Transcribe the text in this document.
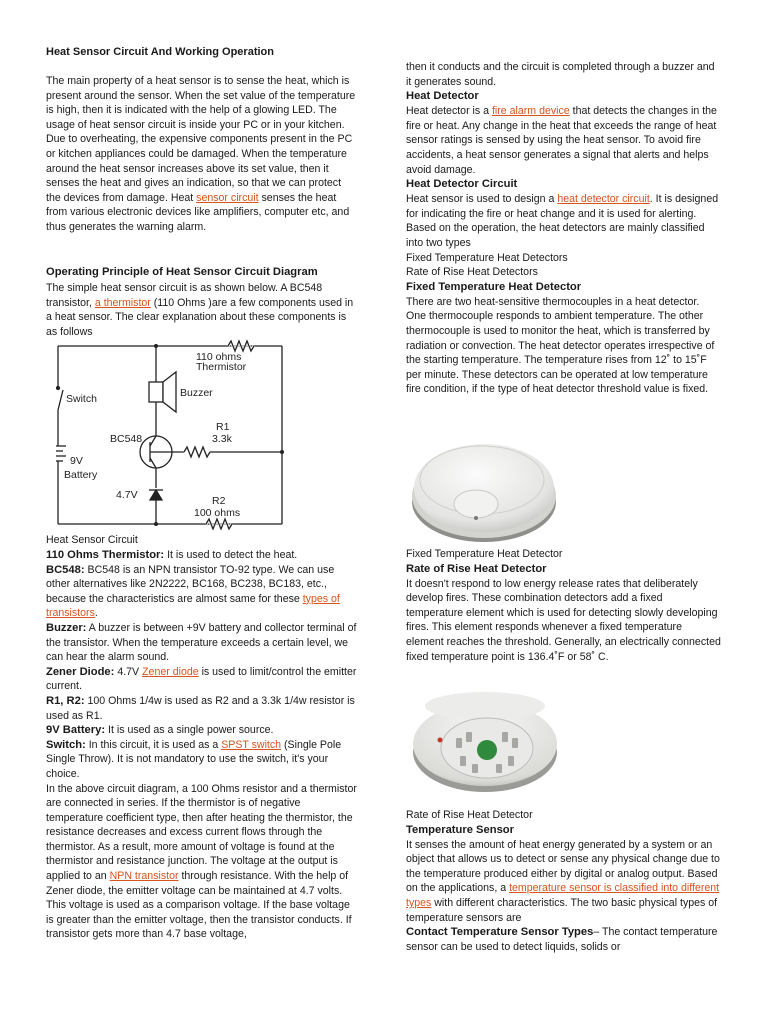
Heat Sensor Circuit And Working Operation

The main property of a heat sensor is to sense the heat, which is present around the sensor. When the set value of the temperature is high, then it is indicated with the help of a glowing LED. The usage of heat sensor circuit is inside your PC or in your kitchen. Due to overheating, the expensive components present in the PC or kitchen appliances could be damaged. When the temperature around the heat sensor increases above its set value, then it senses the heat and gives an indication, so that we can protect the devices from damage. Heat sensor circuit senses the heat from various electronic devices like amplifiers, computer etc, and thus generates the warning alarm.

Operating Principle of Heat Sensor Circuit Diagram

The simple heat sensor circuit is as shown below. A BC548 transistor, a thermistor (110 Ohms )are a few components used in a heat sensor. The clear explanation about these components is as follows

110 ohms
Thermistor
Buzzer
Switch
R1
3.3k
BC548
9V
Battery
4.7V	R2
100 ohms

Heat Sensor Circuit

110 Ohms Thermistor: It is used to detect the heat.

BC548: BC548 is an NPN transistor TO-92 type. We can use other alternatives like 2N2222, BC168, BC238, BC183, etc., because the characteristics are almost same for these types of transistors.

Buzzer: A buzzer is between +9V battery and collector terminal of the transistor. When the temperature exceeds a certain level, we can hear the alarm sound.

Zener Diode: 4.7V Zener diode is used to limit/control the emitter current.

R1, R2: 100 Ohms 1/4w is used as R2 and a 3.3k 1/4w resistor is used as R1.

9V Battery: It is used as a single power source.

Switch: In this circuit, it is used as a SPST switch (Single Pole Single Throw). It is not mandatory to use the switch, it's your choice.

In the above circuit diagram, a 100 Ohms resistor and a thermistor are connected in series. If the thermistor is of negative temperature coefficient type, then after heating the thermistor, the resistance decreases and excess current flows through the thermistor. As a result, more amount of voltage is found at the thermistor and resistance junction. The voltage at the output is applied to an NPN transistor through resistance. With the help of Zener diode, the emitter voltage can be maintained at 4.7 volts. This voltage is used as a comparison voltage. If the base voltage is greater than the emitter voltage, then the transistor conducts. If transistor gets more than 4.7 base voltage,

then it conducts and the circuit is completed through a buzzer and it generates sound.

Heat Detector

Heat detector is a fire alarm device that detects the changes in the fire or heat. Any change in the heat that exceeds the range of heat sensor ratings is sensed by using the heat sensor. To avoid fire accidents, a heat sensor generates a signal that alerts and helps avoid damage.

Heat Detector Circuit

Heat sensor is used to design a heat detector circuit. It is designed for indicating the fire or heat change and it is used for alerting. Based on the operation, the heat detectors are mainly classified into two types

Fixed Temperature Heat Detectors

Rate of Rise Heat Detectors

Fixed Temperature Heat Detector

There are two heat-sensitive thermocouples in a heat detector. One thermocouple responds to ambient temperature. The other thermocouple is used to monitor the heat, which is transferred by radiation or convection. The heat detector operates irrespective of the starting temperature. The temperature rises from 12˚ to 15˚F per minute. These detectors can be operated at low temperature fire condition, if the type of heat detector threshold value is fixed.

Fixed Temperature Heat Detector

Rate of Rise Heat Detector

It doesn't respond to low energy release rates that deliberately develop fires. These combination detectors add a fixed temperature element which is used for detecting slowly developing fires. This element responds whenever a fixed temperature element reaches the threshold. Generally, an electrically connected fixed temperature point is 136.4˚F or 58˚ C.

Rate of Rise Heat Detector

Temperature Sensor

It senses the amount of heat energy generated by a system or an object that allows us to detect or sense any physical change due to the temperature produced either by digital or analog output. Based on the applications, a temperature sensor is classified into different types with different characteristics. The two basic physical types of temperature sensors are

Contact Temperature Sensor Types– The contact temperature sensor can be used to detect liquids, solids or
